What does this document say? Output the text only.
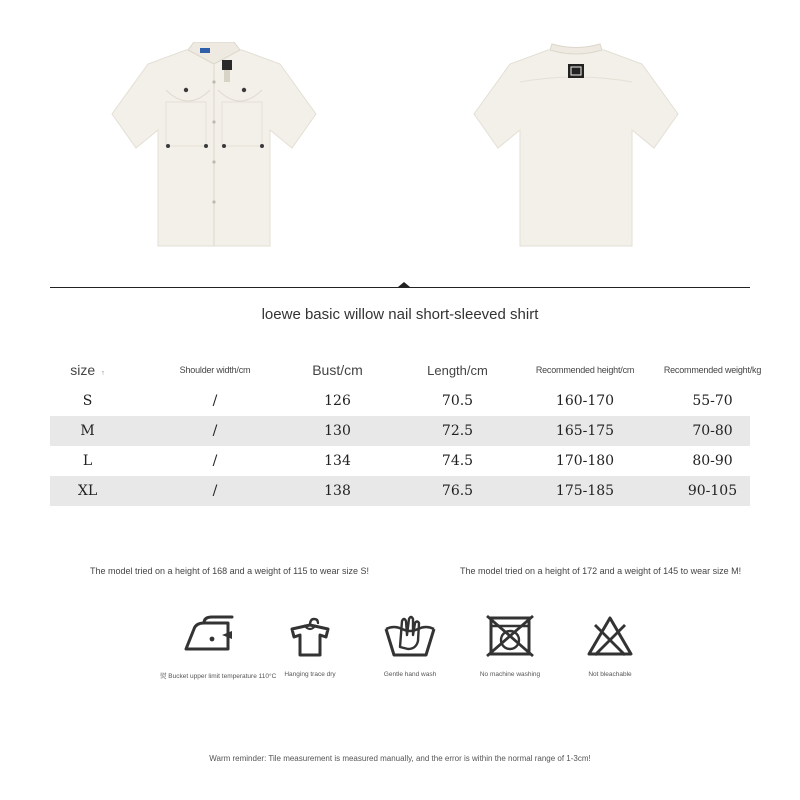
loewe basic willow nail short-sleeved shirt
size ↑	Shoulder width/cm	Bust/cm	Length/cm	Recommended height/cm	Recommended weight/kg
S	/	126	70.5	160-170	55-70
M	/	130	72.5	165-175	70-80
L	/	134	74.5	170-180	80-90
XL	/	138	76.5	175-185	90-105
The model tried on a height of 168 and a weight of 115 to wear size S!	The model tried on a height of 172 and a weight of 145 to wear size M!
熨 Bucket upper limit temperature 110°C	Hanging trace dry	Gentle hand wash	No machine washing	Not bleachable
Warm reminder: Tile measurement is measured manually, and the error is within the normal range of 1-3cm!
